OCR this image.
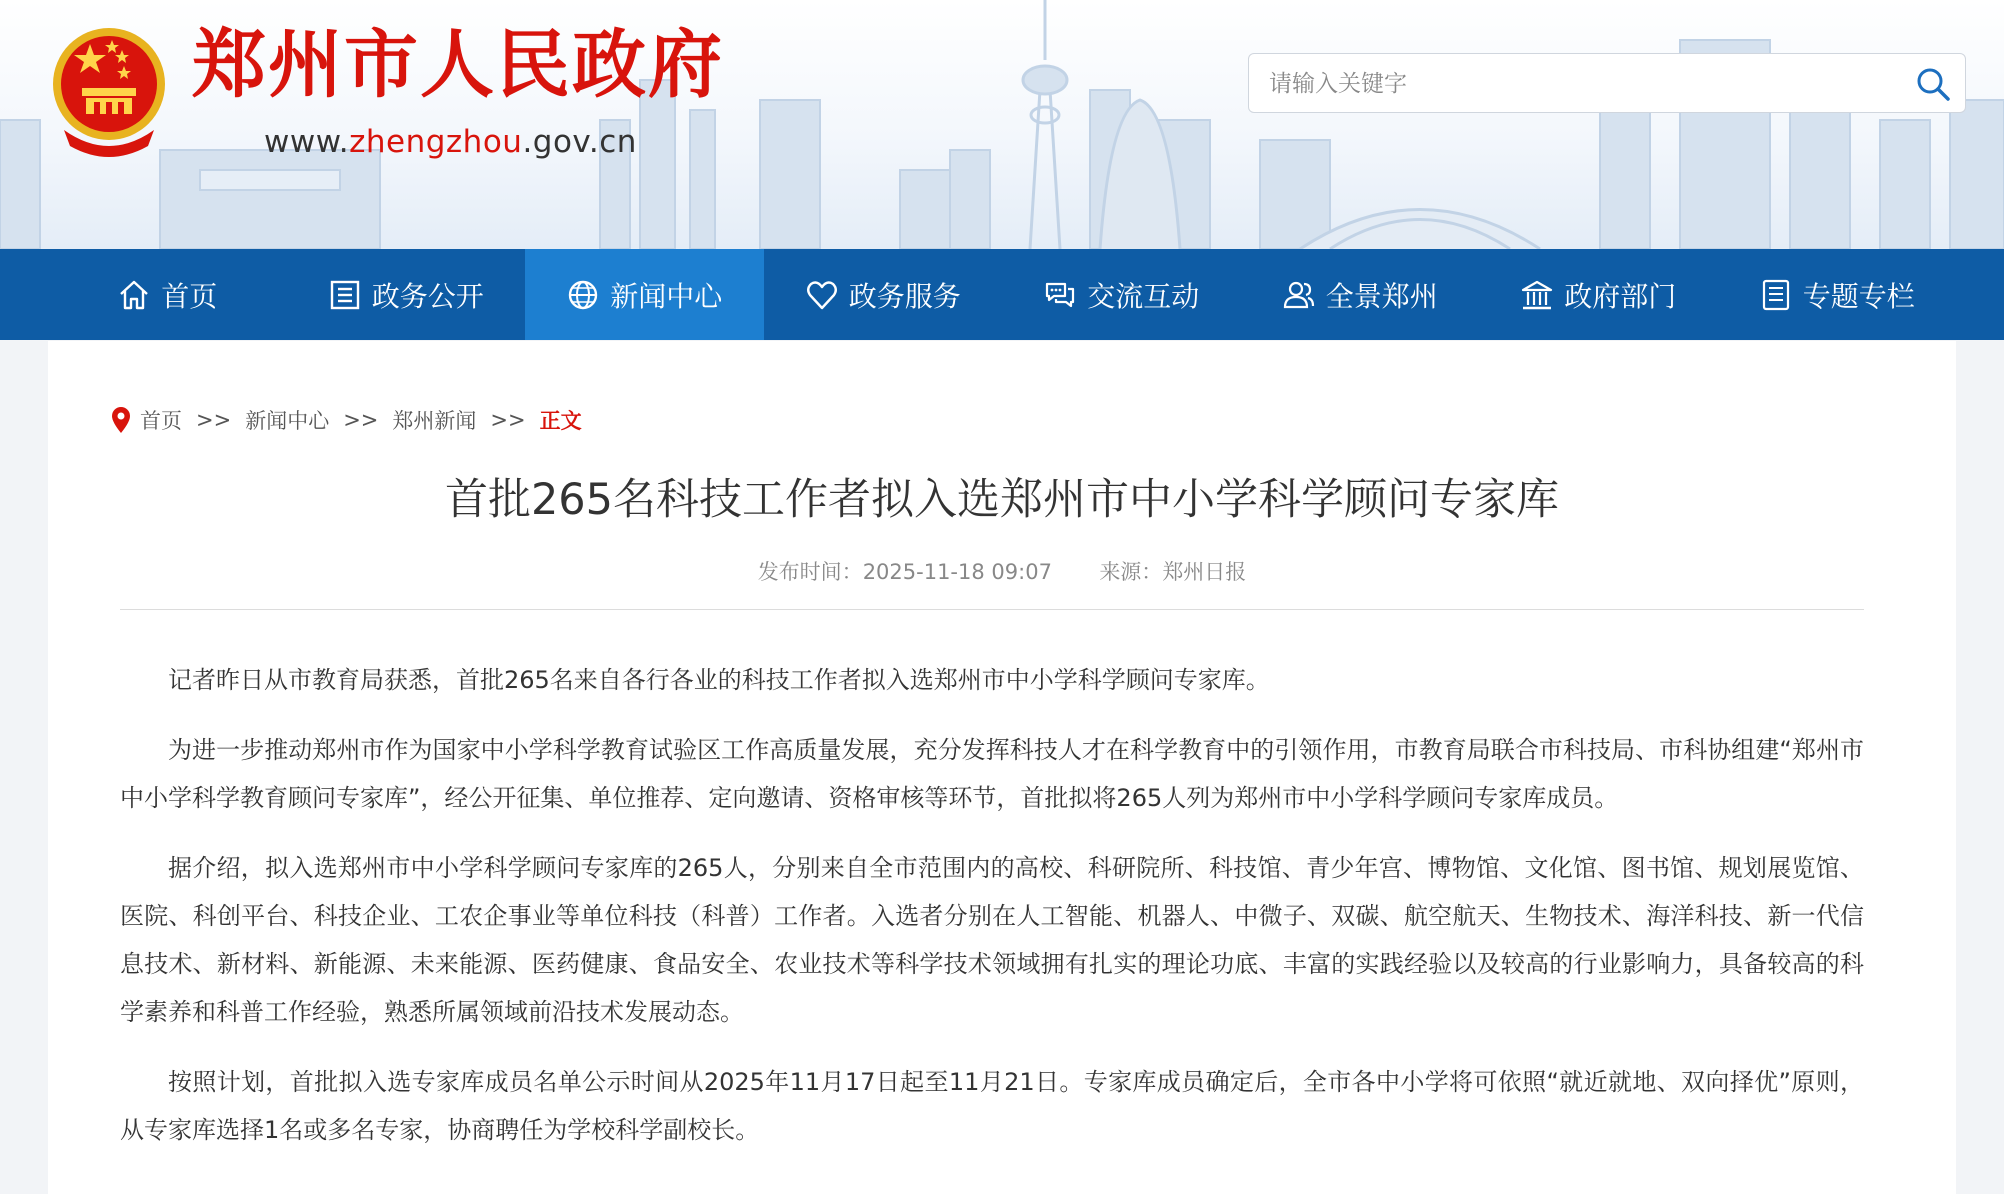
郑州市人民政府
www.zhengzhou.gov.cn
请输入关键字
首页	政务公开	新闻中心	政务服务	交流互动	全景郑州	政府部门	专题专栏
首页 >> 新闻中心 >> 郑州新闻 >> 正文
首批265名科技工作者拟入选郑州市中小学科学顾问专家库
发布时间：2025-11-18 09:07 来源：郑州日报

记者昨日从市教育局获悉，首批265名来自各行各业的科技工作者拟入选郑州市中小学科学顾问专家库。

为进一步推动郑州市作为国家中小学科学教育试验区工作高质量发展，充分发挥科技人才在科学教育中的引领作用，市教育局联合市科技局、市科协组建“郑州市中小学科学教育顾问专家库”，经公开征集、单位推荐、定向邀请、资格审核等环节，首批拟将265人列为郑州市中小学科学顾问专家库成员。

据介绍，拟入选郑州市中小学科学顾问专家库的265人，分别来自全市范围内的高校、科研院所、科技馆、青少年宫、博物馆、文化馆、图书馆、规划展览馆、医院、科创平台、科技企业、工农企事业等单位科技（科普）工作者。入选者分别在人工智能、机器人、中微子、双碳、航空航天、生物技术、海洋科技、新一代信息技术、新材料、新能源、未来能源、医药健康、食品安全、农业技术等科学技术领域拥有扎实的理论功底、丰富的实践经验以及较高的行业影响力，具备较高的科学素养和科普工作经验，熟悉所属领域前沿技术发展动态。

按照计划，首批拟入选专家库成员名单公示时间从2025年11月17日起至11月21日。专家库成员确定后，全市各中小学将可依照“就近就地、双向择优”原则，从专家库选择1名或多名专家，协商聘任为学校科学副校长。
